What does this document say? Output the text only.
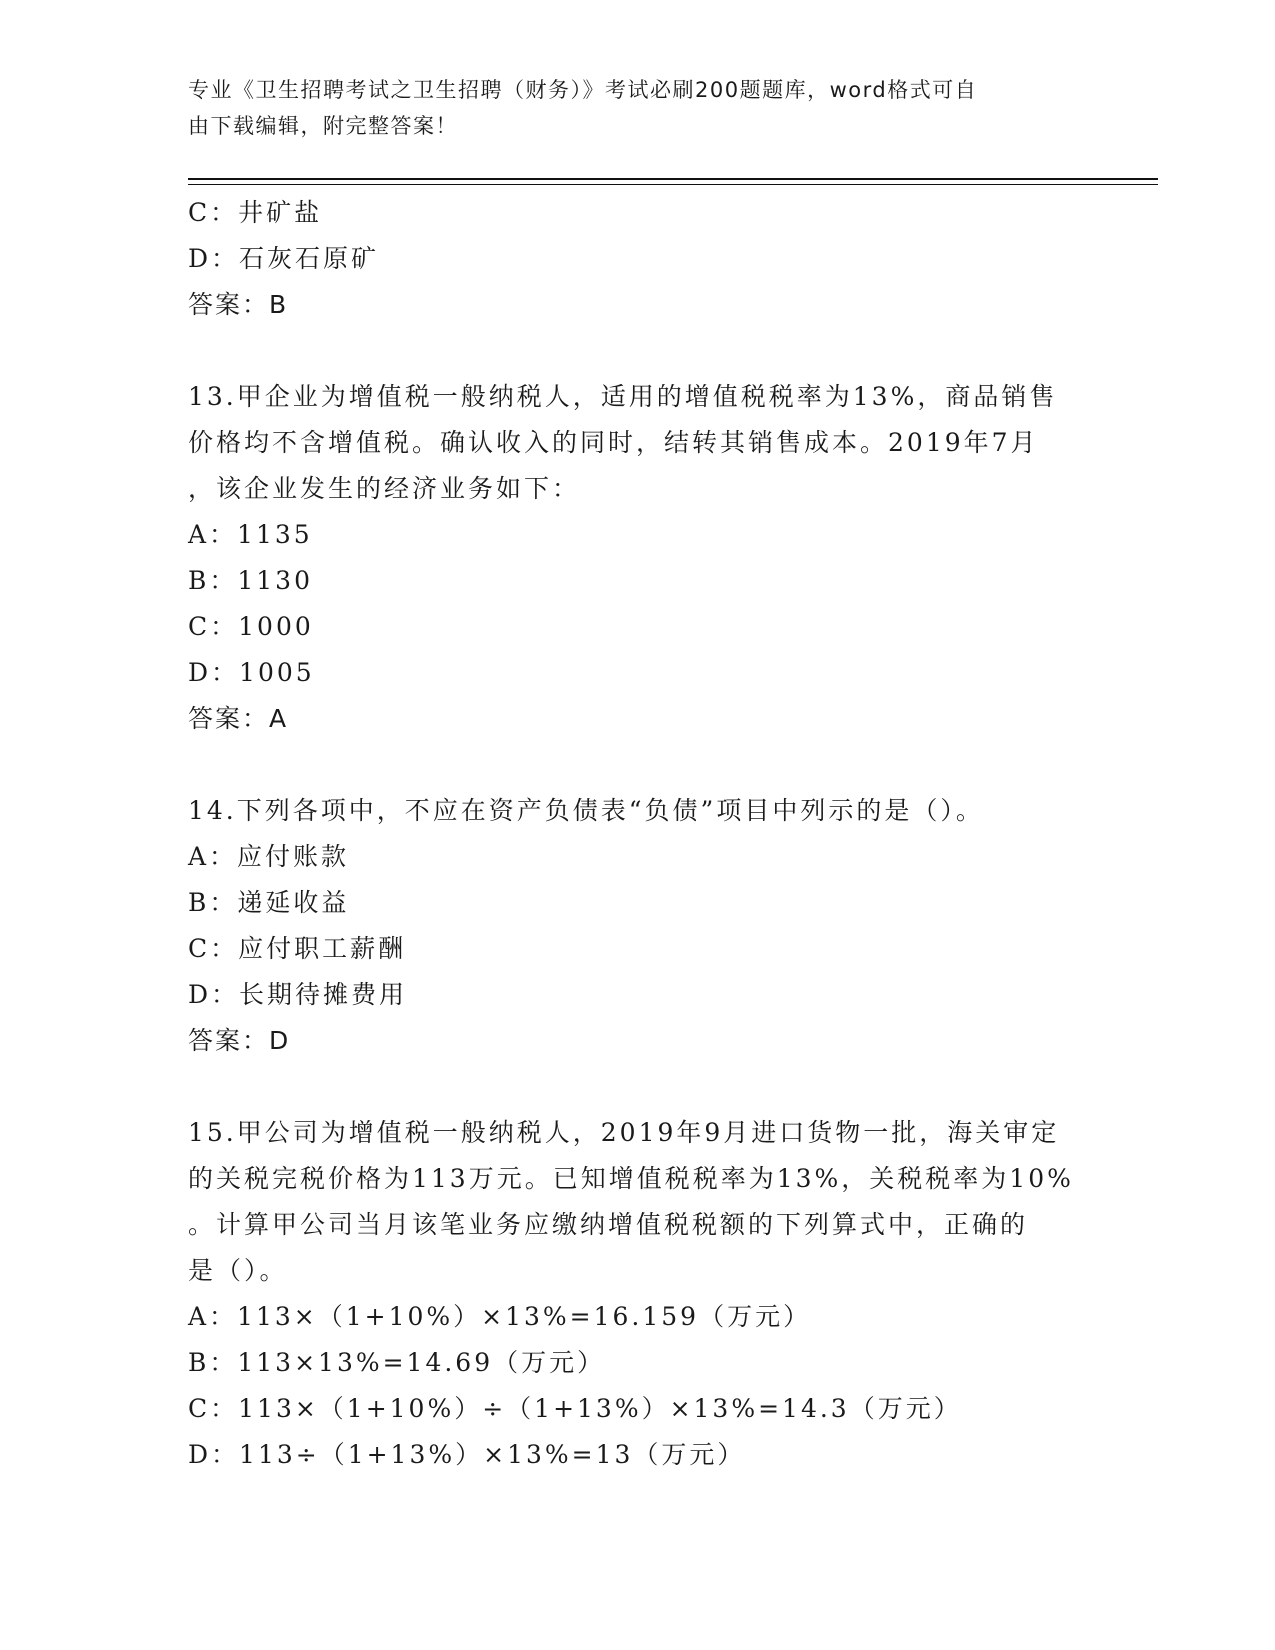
专业《卫生招聘考试之卫生招聘（财务）》考试必刷200题题库，word格式可自
由下载编辑，附完整答案！
C：井矿盐
D：石灰石原矿
答案：B
13.甲企业为增值税一般纳税人，适用的增值税税率为13%，商品销售
价格均不含增值税。确认收入的同时，结转其销售成本。2019年7月
，该企业发生的经济业务如下：
A：1135
B：1130
C：1000
D：1005
答案：A
14.下列各项中，不应在资产负债表“负债”项目中列示的是（）。
A：应付账款
B：递延收益
C：应付职工薪酬
D：长期待摊费用
答案：D
15.甲公司为增值税一般纳税人，2019年9月进口货物一批，海关审定
的关税完税价格为113万元。已知增值税税率为13%，关税税率为10%
。计算甲公司当月该笔业务应缴纳增值税税额的下列算式中，正确的
是（）。
A：113×（1+10%）×13%=16.159（万元）
B：113×13%=14.69（万元）
C：113×（1+10%）÷（1+13%）×13%=14.3（万元）
D：113÷（1+13%）×13%=13（万元）
